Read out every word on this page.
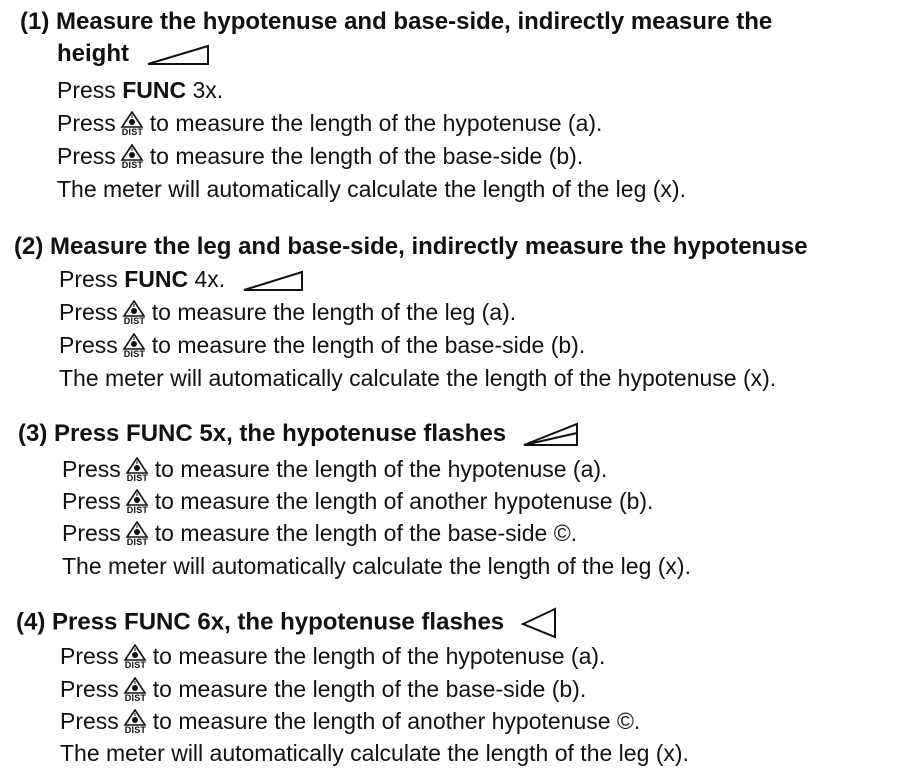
(1) Measure the hypotenuse and base-side, indirectly measure the
height
Press FUNC 3x.
Press DIST to measure the length of the hypotenuse (a).
Press DIST to measure the length of the base-side (b).
The meter will automatically calculate the length of the leg (x).
(2) Measure the leg and base-side, indirectly measure the hypotenuse
Press FUNC 4x.
Press DIST to measure the length of the leg (a).
Press DIST to measure the length of the base-side (b).
The meter will automatically calculate the length of the hypotenuse (x).
(3) Press FUNC 5x, the hypotenuse flashes
Press DIST to measure the length of the hypotenuse (a).
Press DIST to measure the length of another hypotenuse (b).
Press DIST to measure the length of the base-side ©.
The meter will automatically calculate the length of the leg (x).
(4) Press FUNC 6x, the hypotenuse flashes
Press DIST to measure the length of the hypotenuse (a).
Press DIST to measure the length of the base-side (b).
Press DIST to measure the length of another hypotenuse ©.
The meter will automatically calculate the length of the leg (x).
